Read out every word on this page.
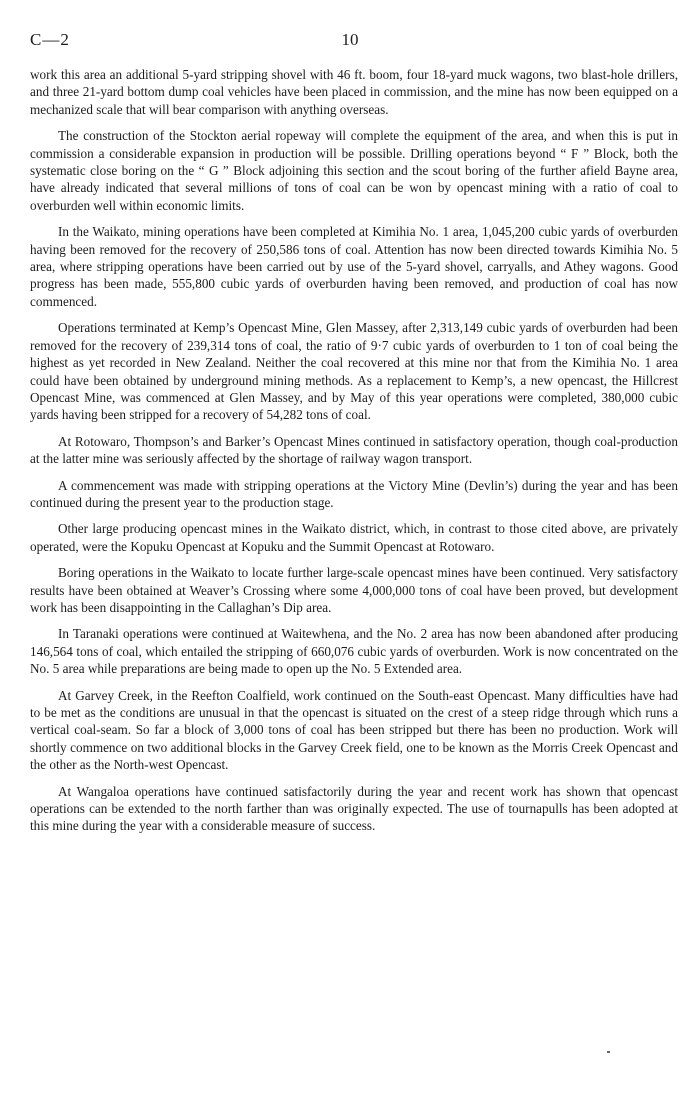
C—2	10

work this area an additional 5-yard stripping shovel with 46 ft. boom, four 18-yard muck wagons, two blast-hole drillers, and three 21-yard bottom dump coal vehicles have been placed in commission, and the mine has now been equipped on a mechanized scale that will bear comparison with anything overseas.

The construction of the Stockton aerial ropeway will complete the equipment of the area, and when this is put in commission a considerable expansion in production will be possible. Drilling operations beyond “ F ” Block, both the systematic close boring on the “ G ” Block adjoining this section and the scout boring of the further afield Bayne area, have already indicated that several millions of tons of coal can be won by opencast mining with a ratio of coal to overburden well within economic limits.

In the Waikato, mining operations have been completed at Kimihia No. 1 area, 1,045,200 cubic yards of overburden having been removed for the recovery of 250,586 tons of coal. Attention has now been directed towards Kimihia No. 5 area, where stripping operations have been carried out by use of the 5-yard shovel, carryalls, and Athey wagons. Good progress has been made, 555,800 cubic yards of overburden having been removed, and production of coal has now commenced.

Operations terminated at Kemp’s Opencast Mine, Glen Massey, after 2,313,149 cubic yards of overburden had been removed for the recovery of 239,314 tons of coal, the ratio of 9·7 cubic yards of overburden to 1 ton of coal being the highest as yet recorded in New Zealand. Neither the coal recovered at this mine nor that from the Kimihia No. 1 area could have been obtained by underground mining methods. As a replacement to Kemp’s, a new opencast, the Hillcrest Opencast Mine, was commenced at Glen Massey, and by May of this year operations were completed, 380,000 cubic yards having been stripped for a recovery of 54,282 tons of coal.

At Rotowaro, Thompson’s and Barker’s Opencast Mines continued in satisfactory operation, though coal-production at the latter mine was seriously affected by the shortage of railway wagon transport.

A commencement was made with stripping operations at the Victory Mine (Devlin’s) during the year and has been continued during the present year to the production stage.

Other large producing opencast mines in the Waikato district, which, in contrast to those cited above, are privately operated, were the Kopuku Opencast at Kopuku and the Summit Opencast at Rotowaro.

Boring operations in the Waikato to locate further large-scale opencast mines have been continued. Very satisfactory results have been obtained at Weaver’s Crossing where some 4,000,000 tons of coal have been proved, but development work has been disappointing in the Callaghan’s Dip area.

In Taranaki operations were continued at Waitewhena, and the No. 2 area has now been abandoned after producing 146,564 tons of coal, which entailed the stripping of 660,076 cubic yards of overburden. Work is now concentrated on the No. 5 area while preparations are being made to open up the No. 5 Extended area.

At Garvey Creek, in the Reefton Coalfield, work continued on the South-east Opencast. Many difficulties have had to be met as the conditions are unusual in that the opencast is situated on the crest of a steep ridge through which runs a vertical coal-seam. So far a block of 3,000 tons of coal has been stripped but there has been no production. Work will shortly commence on two additional blocks in the Garvey Creek field, one to be known as the Morris Creek Opencast and the other as the North-west Opencast.

At Wangaloa operations have continued satisfactorily during the year and recent work has shown that opencast operations can be extended to the north farther than was originally expected. The use of tournapulls has been adopted at this mine during the year with a considerable measure of success.
